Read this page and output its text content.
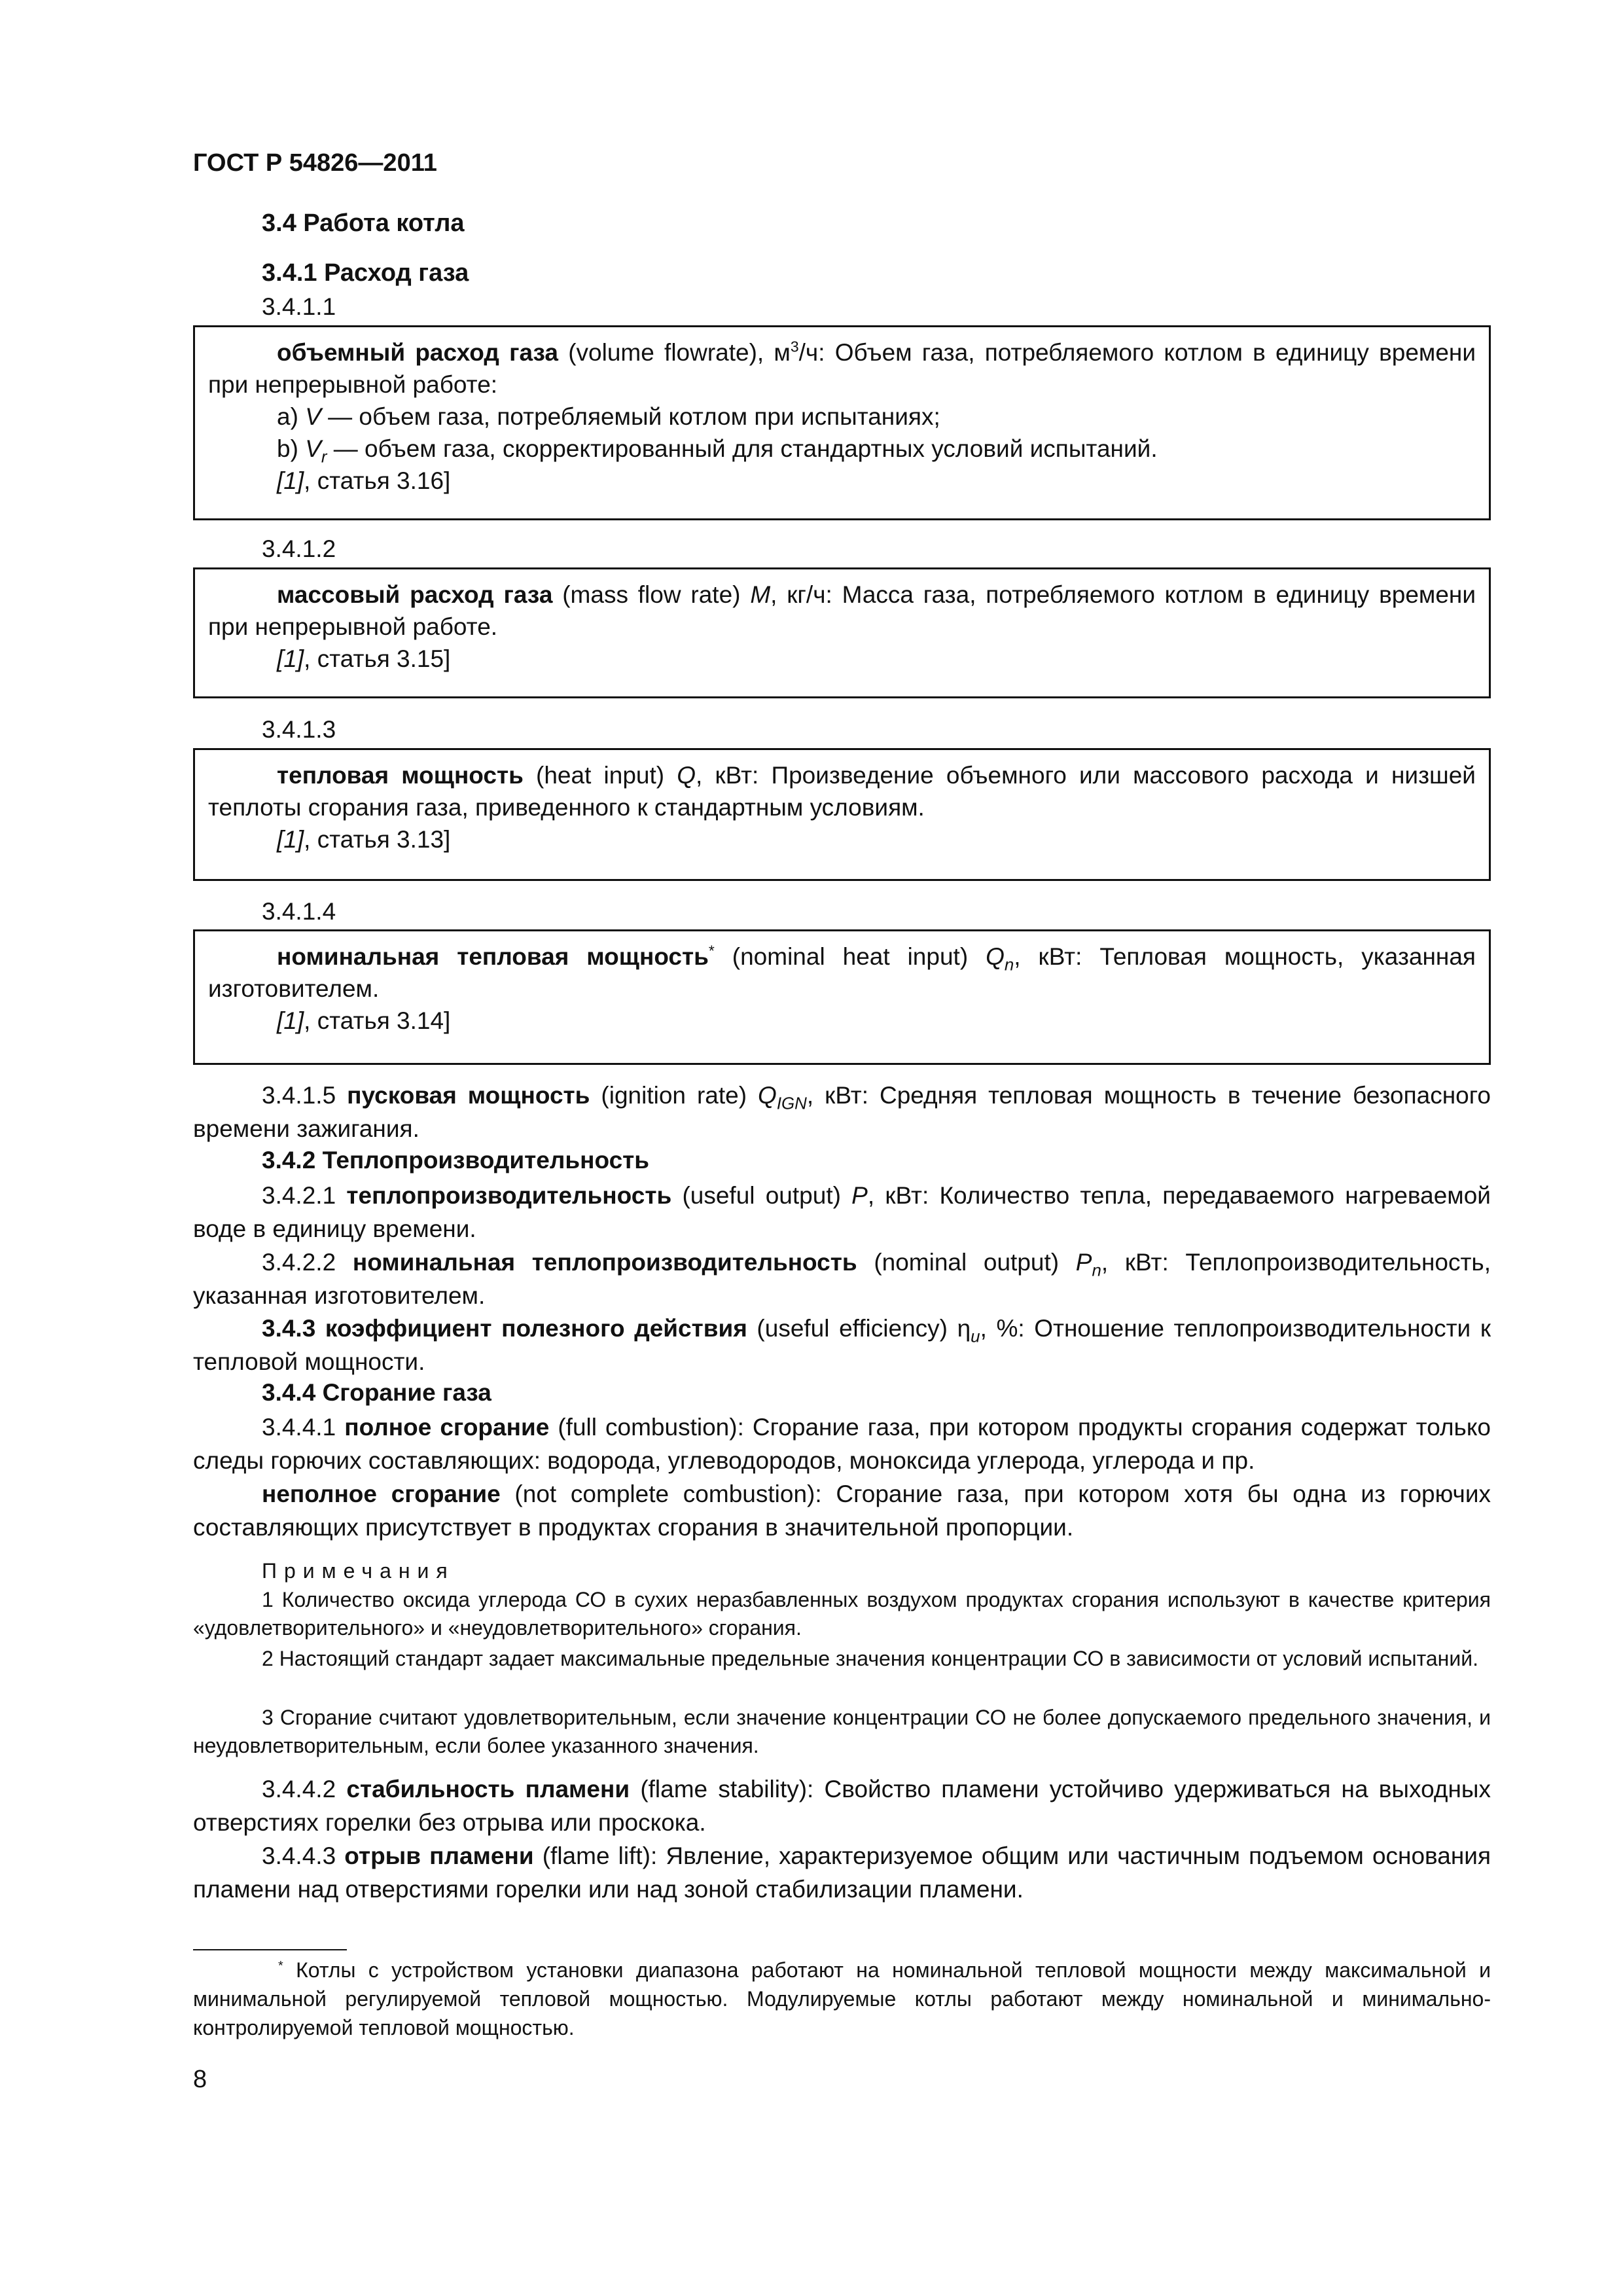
ГОСТ Р 54826—2011
3.4 Работа котла
3.4.1 Расход газа
3.4.1.1

объемный расход газа (volume flowrate), $м^3/ч$: Объем газа, потребляемого котлом в единицу времени при непрерывной работе:

a) V — объем газа, потребляемый котлом при испытаниях;

b) $V_r$ — объем газа, скорректированный для стандартных условий испытаний.

[1], статья 3.16]

3.4.1.2

массовый расход газа (mass flow rate) M, кг/ч: Масса газа, потребляемого котлом в единицу времени при непрерывной работе.

[1], статья 3.15]

3.4.1.3

тепловая мощность (heat input) Q, кВт: Произведение объемного или массового расхода и низшей теплоты сгорания газа, приведенного к стандартным условиям.

[1], статья 3.13]

3.4.1.4

номинальная тепловая мощность* (nominal heat input) $Q_n$, кВт: Тепловая мощность, указанная изготовителем.

[1], статья 3.14]

3.4.1.5 пусковая мощность (ignition rate) $Q_{IGN}$, кВт: Средняя тепловая мощность в течение безопасного времени зажигания.

3.4.2 Теплопроизводительность

3.4.2.1 теплопроизводительность (useful output) P, кВт: Количество тепла, передаваемого нагреваемой воде в единицу времени.

3.4.2.2 номинальная теплопроизводительность (nominal output) $P_n$, кВт: Теплопроизводительность, указанная изготовителем.

3.4.3 коэффициент полезного действия (useful efficiency) $\eta_u$, %: Отношение теплопроизводительности к тепловой мощности.

3.4.4 Сгорание газа

3.4.4.1 полное сгорание (full combustion): Сгорание газа, при котором продукты сгорания содержат только следы горючих составляющих: водорода, углеводородов, моноксида углерода, углерода и пр.

неполное сгорание (not complete combustion): Сгорание газа, при котором хотя бы одна из горючих составляющих присутствует в продуктах сгорания в значительной пропорции.

Примечания

1 Количество оксида углерода СО в сухих неразбавленных воздухом продуктах сгорания используют в качестве критерия «удовлетворительного» и «неудовлетворительного» сгорания.

2 Настоящий стандарт задает максимальные предельные значения концентрации СО в зависимости от условий испытаний.

3 Сгорание считают удовлетворительным, если значение концентрации СО не более допускаемого предельного значения, и неудовлетворительным, если более указанного значения.

3.4.4.2 стабильность пламени (flame stability): Свойство пламени устойчиво удерживаться на выходных отверстиях горелки без отрыва или проскока.

3.4.4.3 отрыв пламени (flame lift): Явление, характеризуемое общим или частичным подъемом основания пламени над отверстиями горелки или над зоной стабилизации пламени.

* Котлы с устройством установки диапазона работают на номинальной тепловой мощности между максимальной и минимальной регулируемой тепловой мощностью. Модулируемые котлы работают между номинальной и минимально-контролируемой тепловой мощностью.

8
